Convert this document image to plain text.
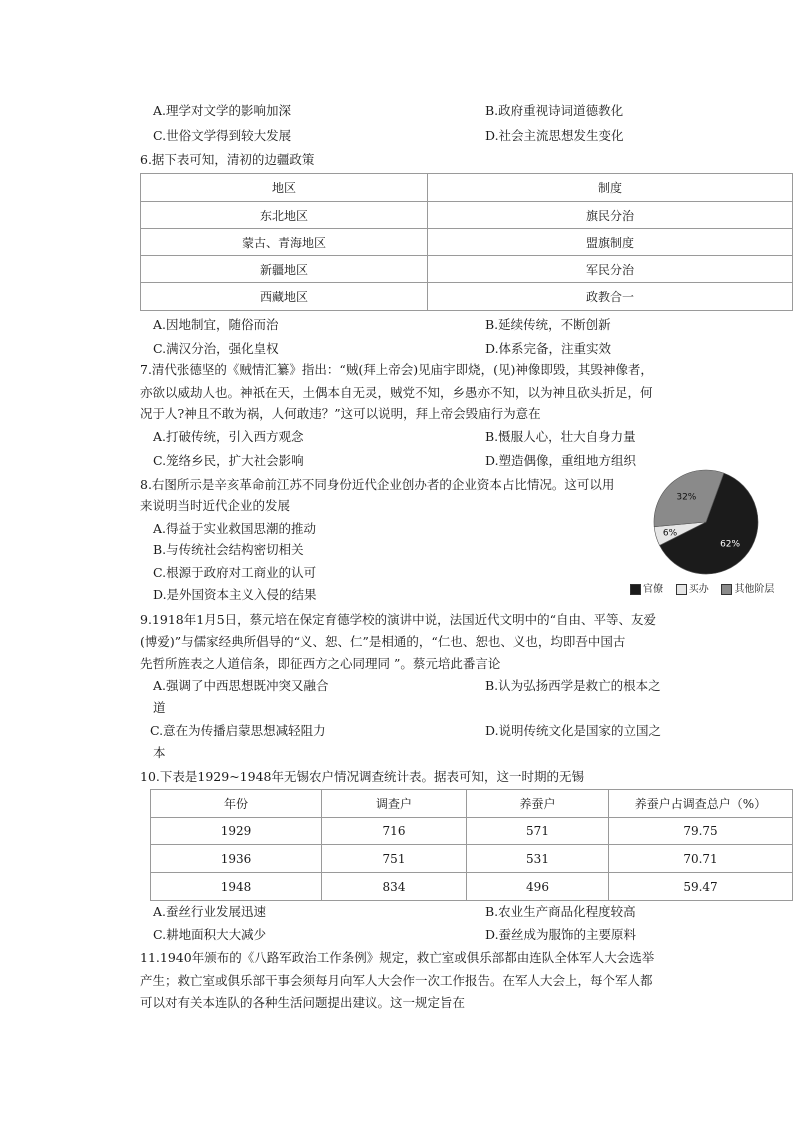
A.理学对文学的影响加深	B.政府重视诗词道德教化
C.世俗文学得到较大发展	D.社会主流思想发生变化
6.据下表可知，清初的边疆政策
地区	制度
东北地区	旗民分治
蒙古、青海地区	盟旗制度
新疆地区	军民分治
西藏地区	政教合一
A.因地制宜，随俗而治	B.延续传统，不断创新
C.满汉分治，强化皇权	D.体系完备，注重实效
7.清代张德坚的《贼情汇纂》指出：“贼(拜上帝会)见庙宇即烧，(见)神像即毁，其毁神像者，
亦欲以威劫人也。神祇在天，土偶本自无灵，贼党不知，乡愚亦不知，以为神且砍头折足，何
况于人?神且不敢为祸，人何敢违？”这可以说明，拜上帝会毁庙行为意在
A.打破传统，引入西方观念	B.慑服人心，壮大自身力量
C.笼络乡民，扩大社会影响	D.塑造偶像，重组地方组织
8.右图所示是辛亥革命前江苏不同身份近代企业创办者的企业资本占比情况。这可以用
来说明当时近代企业的发展
A.得益于实业救国思潮的推动
B.与传统社会结构密切相关
C.根源于政府对工商业的认可
D.是外国资本主义入侵的结果
62%
6%
32%
官僚	买办	其他阶层
9.1918年1月5日，蔡元培在保定育德学校的演讲中说，法国近代文明中的“自由、平等、友爱
(博爱)”与儒家经典所倡导的“义、恕、仁”是相通的，“仁也、恕也、义也，均即吾中国古
先哲所旌表之人道信条，即征西方之心同理同 ”。蔡元培此番言论
A.强调了中西思想既冲突又融合	B.认为弘扬西学是救亡的根本之
道
C.意在为传播启蒙思想减轻阻力	D.说明传统文化是国家的立国之
本
10.下表是1929~1948年无锡农户情况调查统计表。据表可知，这一时期的无锡
年份	调查户	养蚕户	养蚕户占调查总户（%）
1929	716	571	79.75
1936	751	531	70.71
1948	834	496	59.47
A.蚕丝行业发展迅速	B.农业生产商品化程度较高
C.耕地面积大大减少	D.蚕丝成为服饰的主要原料
11.1940年颁布的《八路军政治工作条例》规定，救亡室或俱乐部都由连队全体军人大会选举
产生；救亡室或俱乐部干事会须每月向军人大会作一次工作报告。在军人大会上，每个军人都
可以对有关本连队的各种生活问题提出建议。这一规定旨在
